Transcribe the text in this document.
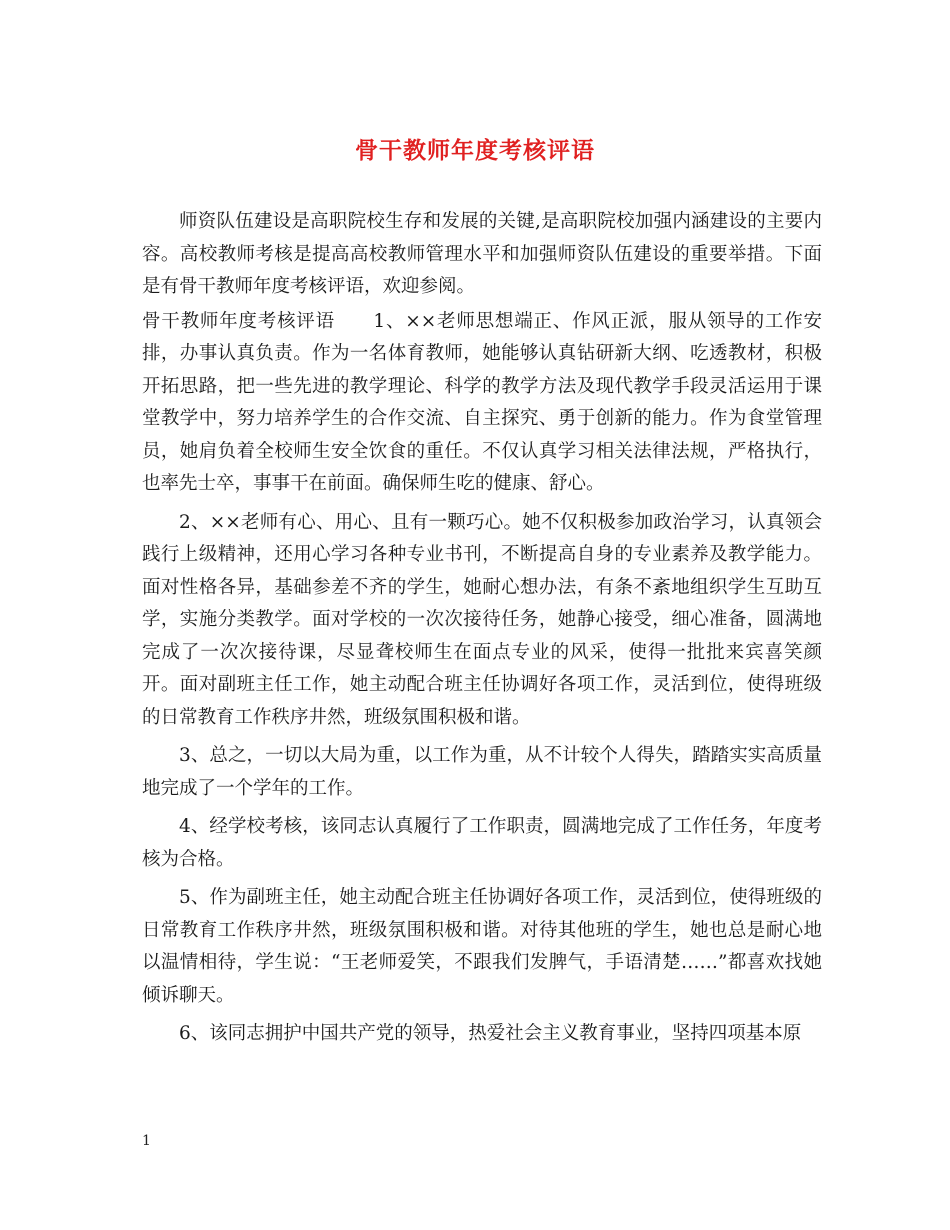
骨干教师年度考核评语

师资队伍建设是高职院校生存和发展的关键,是高职院校加强内涵建设的主要内容。高校教师考核是提高高校教师管理水平和加强师资队伍建设的重要举措。下面是有骨干教师年度考核评语，欢迎参阅。

骨干教师年度考核评语　　1、××老师思想端正、作风正派，服从领导的工作安排，办事认真负责。作为一名体育教师，她能够认真钻研新大纲、吃透教材，积极开拓思路，把一些先进的教学理论、科学的教学方法及现代教学手段灵活运用于课堂教学中，努力培养学生的合作交流、自主探究、勇于创新的能力。作为食堂管理员，她肩负着全校师生安全饮食的重任。不仅认真学习相关法律法规，严格执行，也率先士卒，事事干在前面。确保师生吃的健康、舒心。

2、××老师有心、用心、且有一颗巧心。她不仅积极参加政治学习，认真领会践行上级精神，还用心学习各种专业书刊，不断提高自身的专业素养及教学能力。面对性格各异，基础参差不齐的学生，她耐心想办法，有条不紊地组织学生互助互学，实施分类教学。面对学校的一次次接待任务，她静心接受，细心准备，圆满地完成了一次次接待课，尽显聋校师生在面点专业的风采，使得一批批来宾喜笑颜开。面对副班主任工作，她主动配合班主任协调好各项工作，灵活到位，使得班级的日常教育工作秩序井然，班级氛围积极和谐。

3、总之，一切以大局为重，以工作为重，从不计较个人得失，踏踏实实高质量地完成了一个学年的工作。

4、经学校考核，该同志认真履行了工作职责，圆满地完成了工作任务，年度考核为合格。

5、作为副班主任，她主动配合班主任协调好各项工作，灵活到位，使得班级的日常教育工作秩序井然，班级氛围积极和谐。对待其他班的学生，她也总是耐心地以温情相待，学生说：“王老师爱笑，不跟我们发脾气，手语清楚……”都喜欢找她倾诉聊天。

6、该同志拥护中国共产党的领导，热爱社会主义教育事业，坚持四项基本原

1
